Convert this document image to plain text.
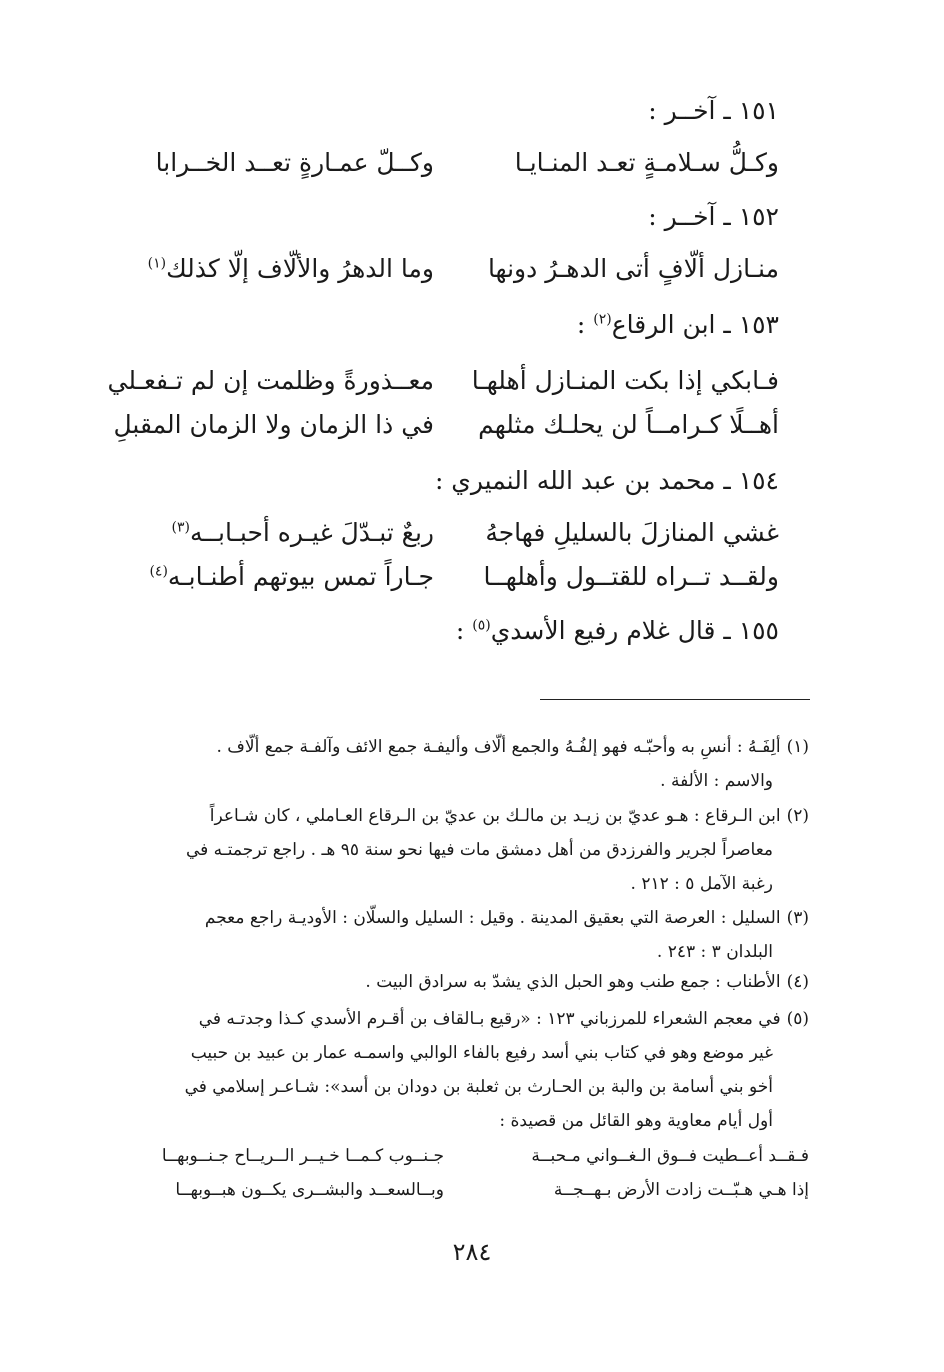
١٥١ ـ آخــر :
وكـلُّ سـلامـةٍ تعـد المنـايـا
وكــلّ عمـارةٍ تعــد الخــرابا
١٥٢ ـ آخــر :
منـازل ألّافٍ أتى الدهـرُ دونها
وما الدهرُ والألّاف إلّا كذلك$^{(١)}$
١٥٣ ـ ابن الرقاع$^{(٢)}$ :
فـابكي إذا بكت المنـازل أهلهـا
معــذورةً وظلمت إن لم تـفعـلي
أهــلًا كـرامــاً لن يحلـك مثلهم
في ذا الزمان ولا الزمان المقبلِ
١٥٤ ـ محمد بن عبد الله النميري :
غشي المنازلَ بالسليلِ فهاجهُ
ربعٌ تبـدّلَ غيـره أحبـابــه$^{(٣)}$
ولقــد تــراه للقتــول وأهلهــا
جـاراً تمس بيوتهم أطنـابـه$^{(٤)}$
١٥٥ ـ قال غلام رفيع الأسدي$^{(٥)}$ :
(١)ألِفَـهُ : أنسِ به وأحبّـه فهو إلفُـهُ والجمع ألّاف وأليفـة جمع الائف وآلفـة جمع ألّاف .
والاسم : الألفة .
(٢)ابن الـرقاع : هـو عديّ بن زيـد بن مالـك بن عديّ بن الـرقاع العـاملي ، كان شـاعراً
معاصراً لجرير والفرزدق من أهل دمشق مات فيها نحو سنة ٩٥ هـ . راجع ترجمتـه في
رغبة الآمل ٥ : ٢١٢ .
(٣)السليل : العرصة التي بعقيق المدينة . وقيل : السليل والسلّان : الأوديـة راجع معجم
البلدان ٣ : ٢٤٣ .
(٤)الأطناب : جمع طنب وهو الحبل الذي يشدّ به سرادق البيت .
(٥)في معجم الشعراء للمرزباني ١٢٣ : «رقيع بـالقاف بن أقـرم الأسدي كـذا وجدتـه في
غير موضع وهو في كتاب بني أسد رفيع بالفاء الوالبي واسمـه عمار بن عبيد بن حبيب
أخو بني أسامة بن والبة بن الحـارث بن ثعلبة بن دودان بن أسد»: شـاعـر إسلامي في
أول أيام معاوية وهو القائل من قصيدة :
فـقــد أعــطيت فــوق الـغــواني مـحبــة
جـنــوب كـمــا خـيــر الــريــاح جـنــوبهــا
إذا هـي هـبّــت زادت الأرض بـهــجــة
وبــالسعــد والبشــرى يكــون هبــوبهــا
٢٨٤
